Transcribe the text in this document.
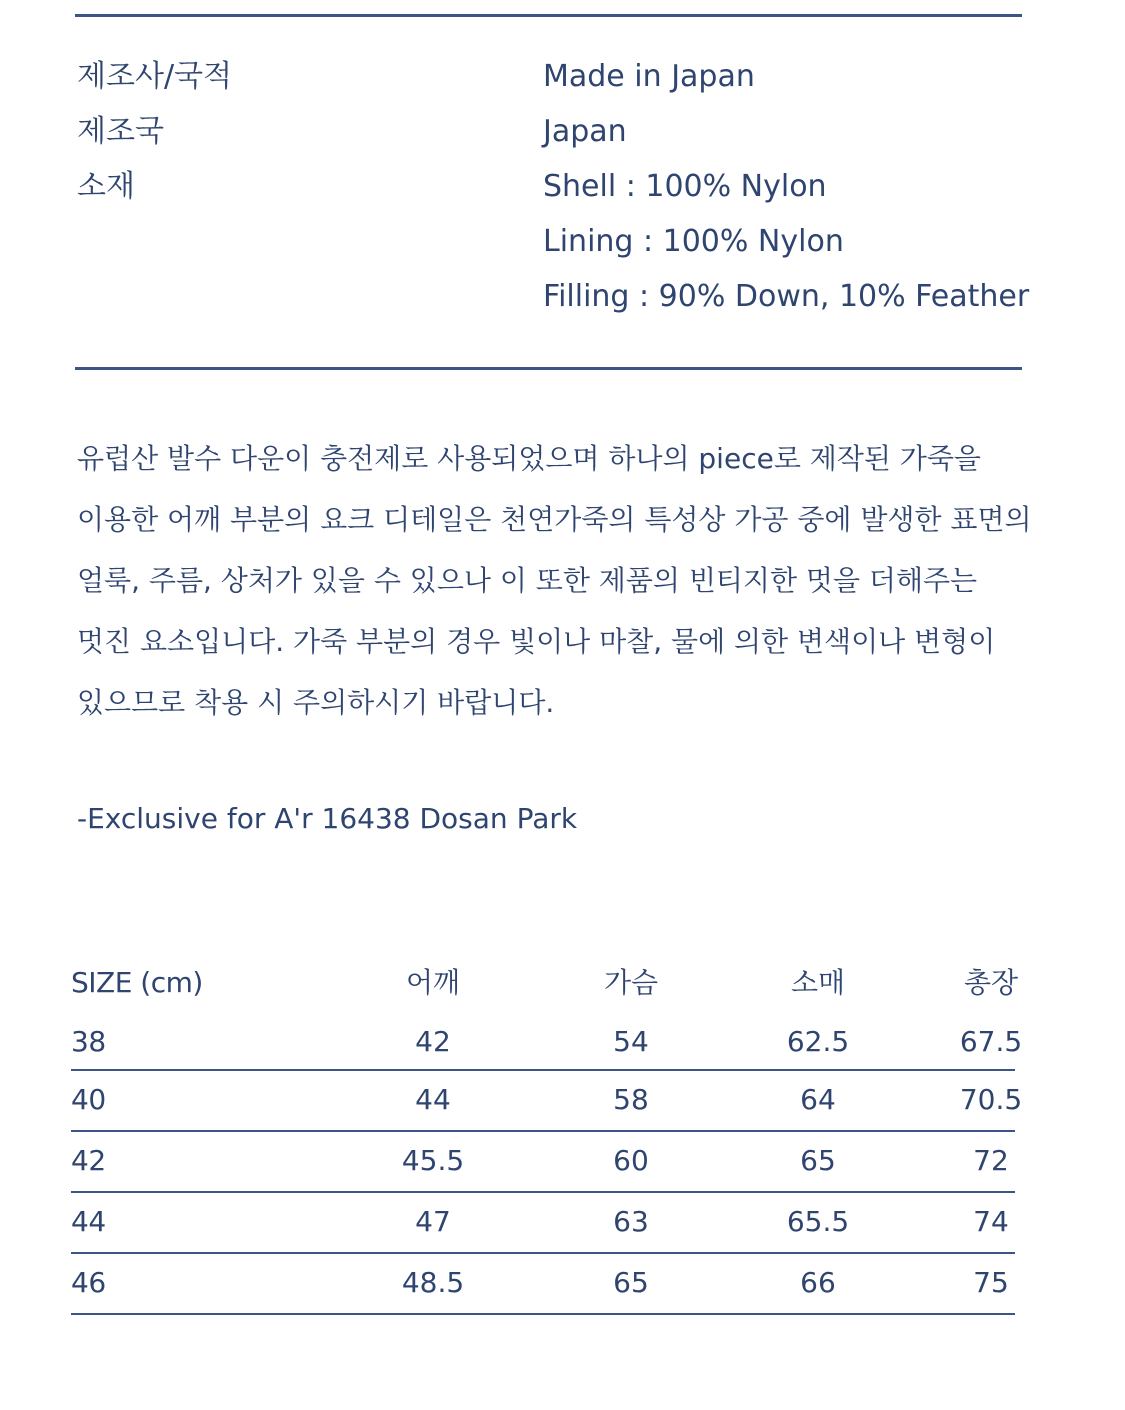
제조사/국적	Made in Japan
제조국	Japan
소재	Shell : 100% Nylon
Lining : 100% Nylon
Filling : 90% Down, 10% Feather
유럽산 발수 다운이 충전제로 사용되었으며 하나의 piece로 제작된 가죽을
이용한 어깨 부분의 요크 디테일은 천연가죽의 특성상 가공 중에 발생한 표면의
얼룩, 주름, 상처가 있을 수 있으나 이 또한 제품의 빈티지한 멋을 더해주는
멋진 요소입니다. 가죽 부분의 경우 빛이나 마찰, 물에 의한 변색이나 변형이
있으므로 착용 시 주의하시기 바랍니다.
-Exclusive for A'r 16438 Dosan Park
SIZE (cm)	어깨	가슴	소매	총장
38	42	54	62.5	67.5
40	44	58	64	70.5
42	45.5	60	65	72
44	47	63	65.5	74
46	48.5	65	66	75
